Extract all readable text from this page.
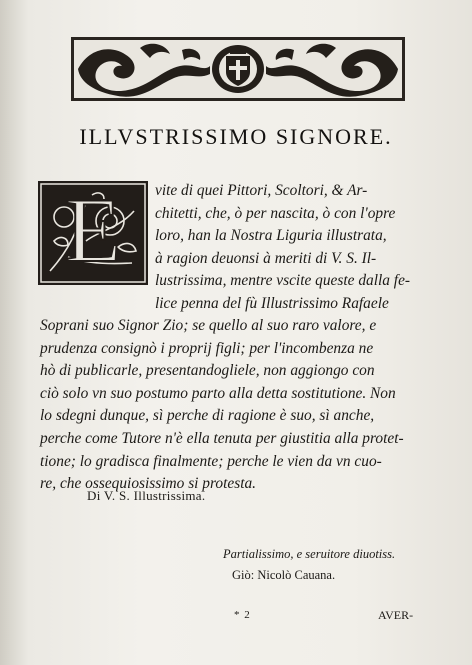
ILLVSTRISSIMO SIGNORE.
E	vite di quei Pittori, Scoltori, & Ar-
chitetti, che, ò per nascita, ò con l'opre
loro, han la Nostra Liguria illustrata,
à ragion deuonsi à meriti di V. S. Il-
lustrissima, mentre vscite queste dalla fe-
lice penna del fù Illustrissimo Rafaele
Soprani suo Signor Zio; se quello al suo raro valore, e
prudenza consignò i proprij figli; per l'incombenza ne
hò di publicarle, presentandogliele, non aggiongo con
ciò solo vn suo postumo parto alla detta sostitutione. Non
lo sdegni dunque, sì perche di ragione è suo, sì anche,
perche come Tutore n'è ella tenuta per giustitia alla protet-
tione; lo gradisca finalmente; perche le vien da vn cuo-
re, che ossequiosissimo si protesta.
Di V. S. Illustrissima.
Partialissimo, e seruitore diuotiss.
Giò: Nicolò Cauana.
* 2	AVER-
